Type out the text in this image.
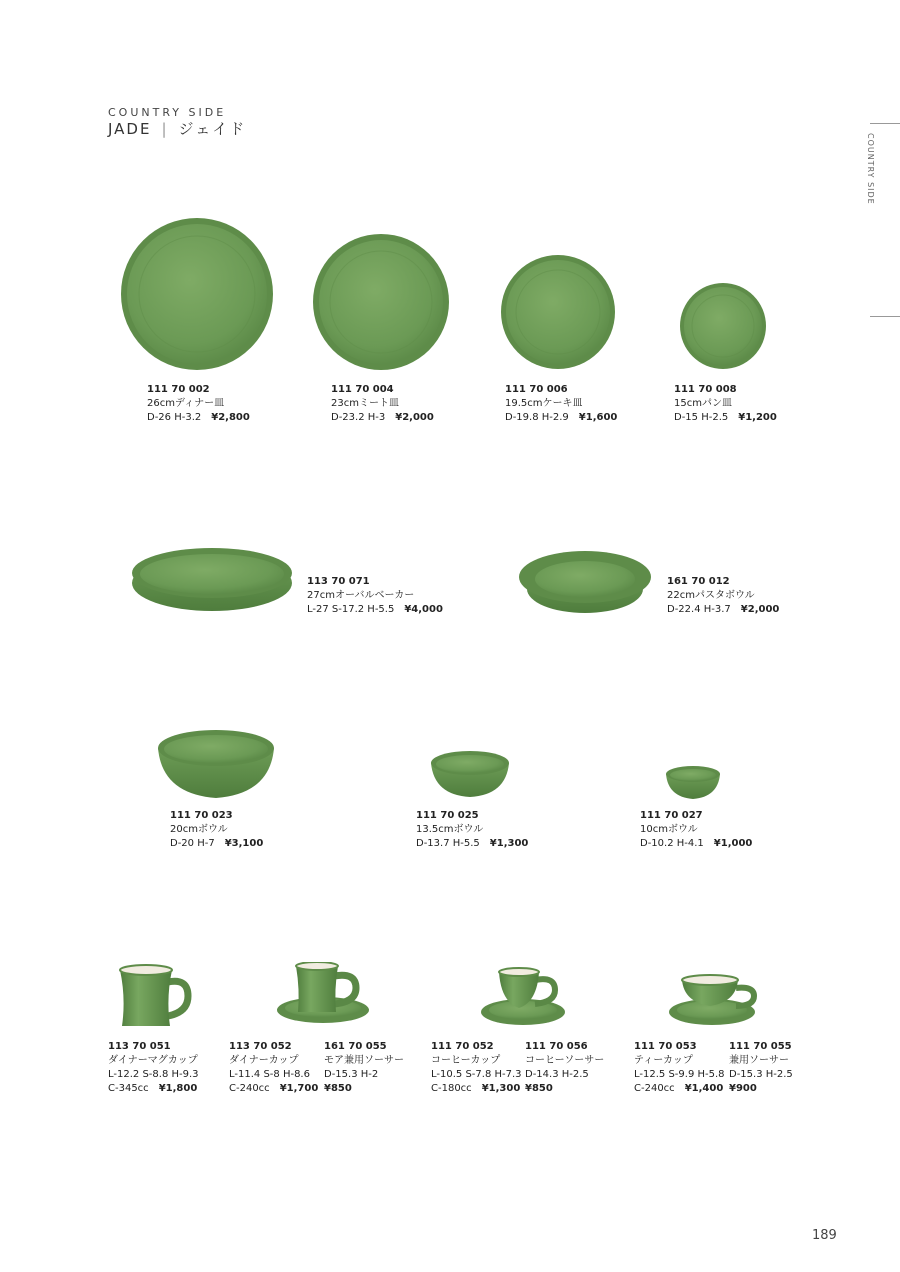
COUNTRY SIDE
JADE | ジェイド
COUNTRY SIDE
111 70 002
26cmディナー皿
D-26 H-3.2 ¥2,800
111 70 004
23cmミート皿
D-23.2 H-3 ¥2,000
111 70 006
19.5cmケーキ皿
D-19.8 H-2.9 ¥1,600
111 70 008
15cmパン皿
D-15 H-2.5 ¥1,200
113 70 071
27cmオーバルベーカー
L-27 S-17.2 H-5.5 ¥4,000
161 70 012
22cmパスタボウル
D-22.4 H-3.7 ¥2,000
111 70 023
20cmボウル
D-20 H-7 ¥3,100
111 70 025
13.5cmボウル
D-13.7 H-5.5 ¥1,300
111 70 027
10cmボウル
D-10.2 H-4.1 ¥1,000
113 70 051
ダイナーマグカップ
L-12.2 S-8.8 H-9.3
C-345cc ¥1,800
113 70 052
ダイナーカップ
L-11.4 S-8 H-8.6
C-240cc ¥1,700
161 70 055
モア兼用ソーサー
D-15.3 H-2
¥850
111 70 052
コーヒーカップ
L-10.5 S-7.8 H-7.3
C-180cc ¥1,300
111 70 056
コーヒーソーサー
D-14.3 H-2.5
¥850
111 70 053
ティーカップ
L-12.5 S-9.9 H-5.8
C-240cc ¥1,400
111 70 055
兼用ソーサー
D-15.3 H-2.5
¥900
189
